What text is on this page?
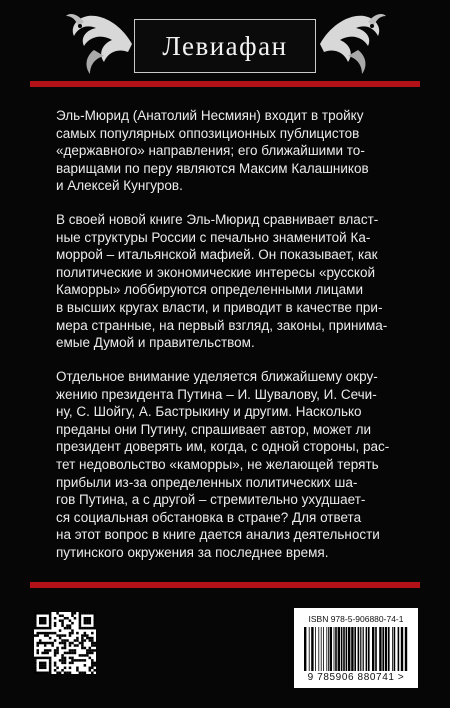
Левиафан
Эль-Мюрид (Анатолий Несмиян) входит в тройку
самых популярных оппозиционных публицистов
«державного» направления; его ближайшими то-
варищами по перу являются Максим Калашников
и Алексей Кунгуров.
В своей новой книге Эль-Мюрид сравнивает власт-
ные структуры России с печально знаменитой Ка-
моррой – итальянской мафией. Он показывает, как
политические и экономические интересы «русской
Каморры» лоббируются определенными лицами
в высших кругах власти, и приводит в качестве при-
мера странные, на первый взгляд, законы, принима-
емые Думой и правительством.
Отдельное внимание уделяется ближайшему окру-
жению президента Путина – И. Шувалову, И. Сечи-
ну, С. Шойгу, А. Бастрыкину и другим. Насколько
преданы они Путину, спрашивает автор, может ли
президент доверять им, когда, с одной стороны, рас-
тет недовольство «каморры», не желающей терять
прибыли из-за определенных политических ша-
гов Путина, а с другой – стремительно ухудшает-
ся социальная обстановка в стране? Для ответа
на этот вопрос в книге дается анализ деятельности
путинского окружения за последнее время.
ISBN 978-5-906880-74-1
9 785906 880741 >
